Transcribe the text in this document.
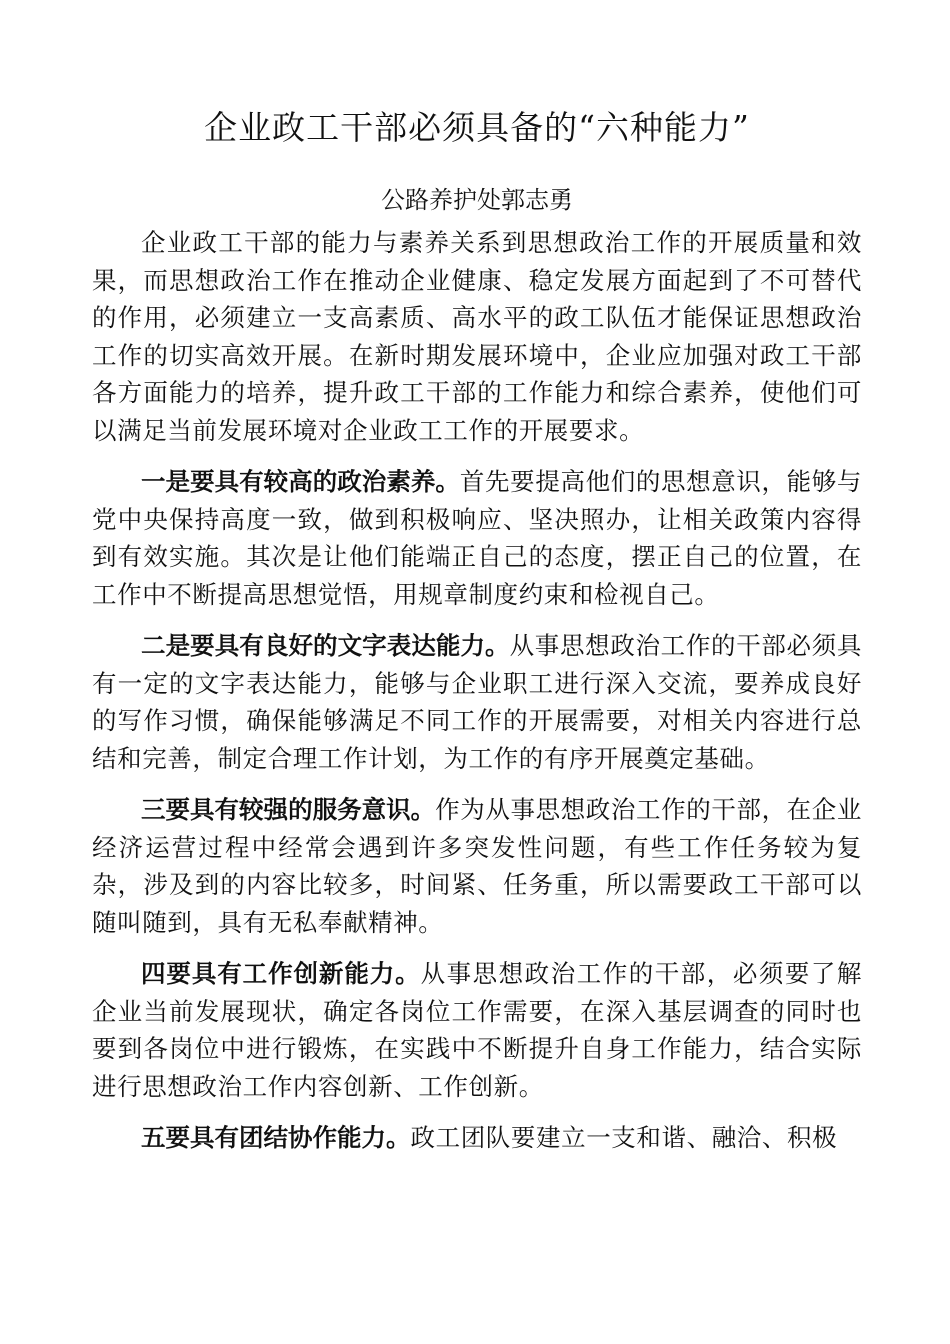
企业政工干部必须具备的“六种能力”
公路养护处郭志勇

企业政工干部的能力与素养关系到思想政治工作的开展质量和效果，而思想政治工作在推动企业健康、稳定发展方面起到了不可替代的作用，必须建立一支高素质、高水平的政工队伍才能保证思想政治工作的切实高效开展。在新时期发展环境中，企业应加强对政工干部各方面能力的培养，提升政工干部的工作能力和综合素养，使他们可以满足当前发展环境对企业政工工作的开展要求。

一是要具有较高的政治素养。首先要提高他们的思想意识，能够与党中央保持高度一致，做到积极响应、坚决照办，让相关政策内容得到有效实施。其次是让他们能端正自己的态度，摆正自己的位置，在工作中不断提高思想觉悟，用规章制度约束和检视自己。

二是要具有良好的文字表达能力。从事思想政治工作的干部必须具有一定的文字表达能力，能够与企业职工进行深入交流，要养成良好的写作习惯，确保能够满足不同工作的开展需要，对相关内容进行总结和完善，制定合理工作计划，为工作的有序开展奠定基础。

三要具有较强的服务意识。作为从事思想政治工作的干部，在企业经济运营过程中经常会遇到许多突发性问题，有些工作任务较为复杂，涉及到的内容比较多，时间紧、任务重，所以需要政工干部可以随叫随到，具有无私奉献精神。

四要具有工作创新能力。从事思想政治工作的干部，必须要了解企业当前发展现状，确定各岗位工作需要，在深入基层调查的同时也要到各岗位中进行锻炼，在实践中不断提升自身工作能力，结合实际进行思想政治工作内容创新、工作创新。

五要具有团结协作能力。政工团队要建立一支和谐、融洽、积极
